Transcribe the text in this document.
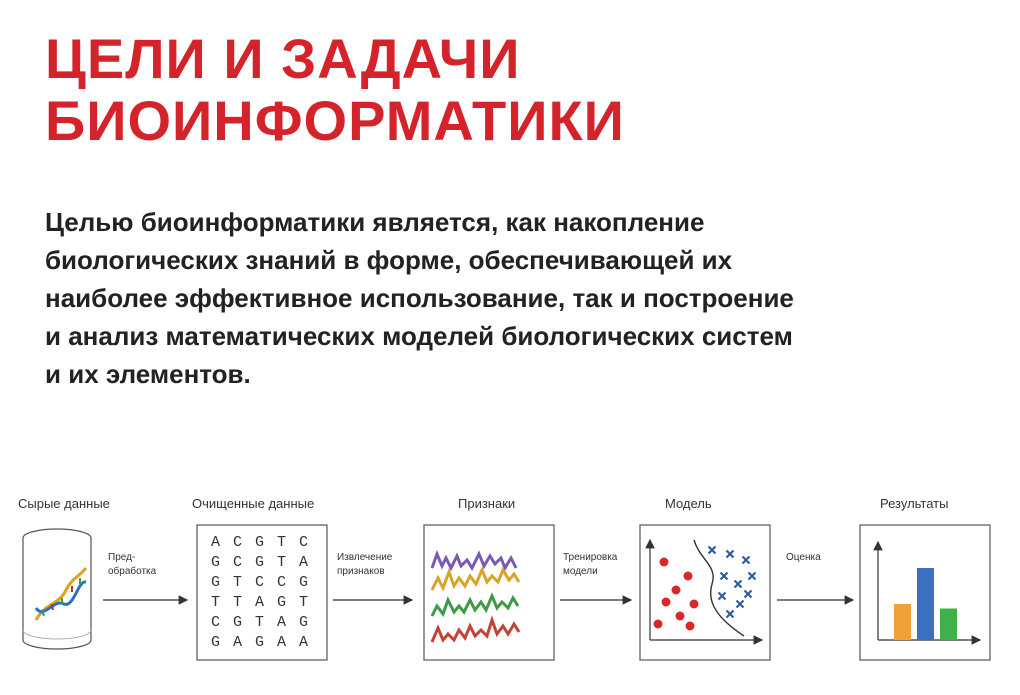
ЦЕЛИ И ЗАДАЧИ
БИОИНФОРМАТИКИ

Целью биоинформатики является, как накопление
биологических знаний в форме, обеспечивающей их
наиболее эффективное использование, так и построение
и анализ математических моделей биологических систем
и их элементов.

Сырые данные	Очищенные данные	Признаки	Модель	Результаты
Пред-
обработка
A C G T C
G C G T A
G T C C G
T T A G T
C G T A G
G A G A A
Извлечение
признаков
Тренировка
модели
Оценка
